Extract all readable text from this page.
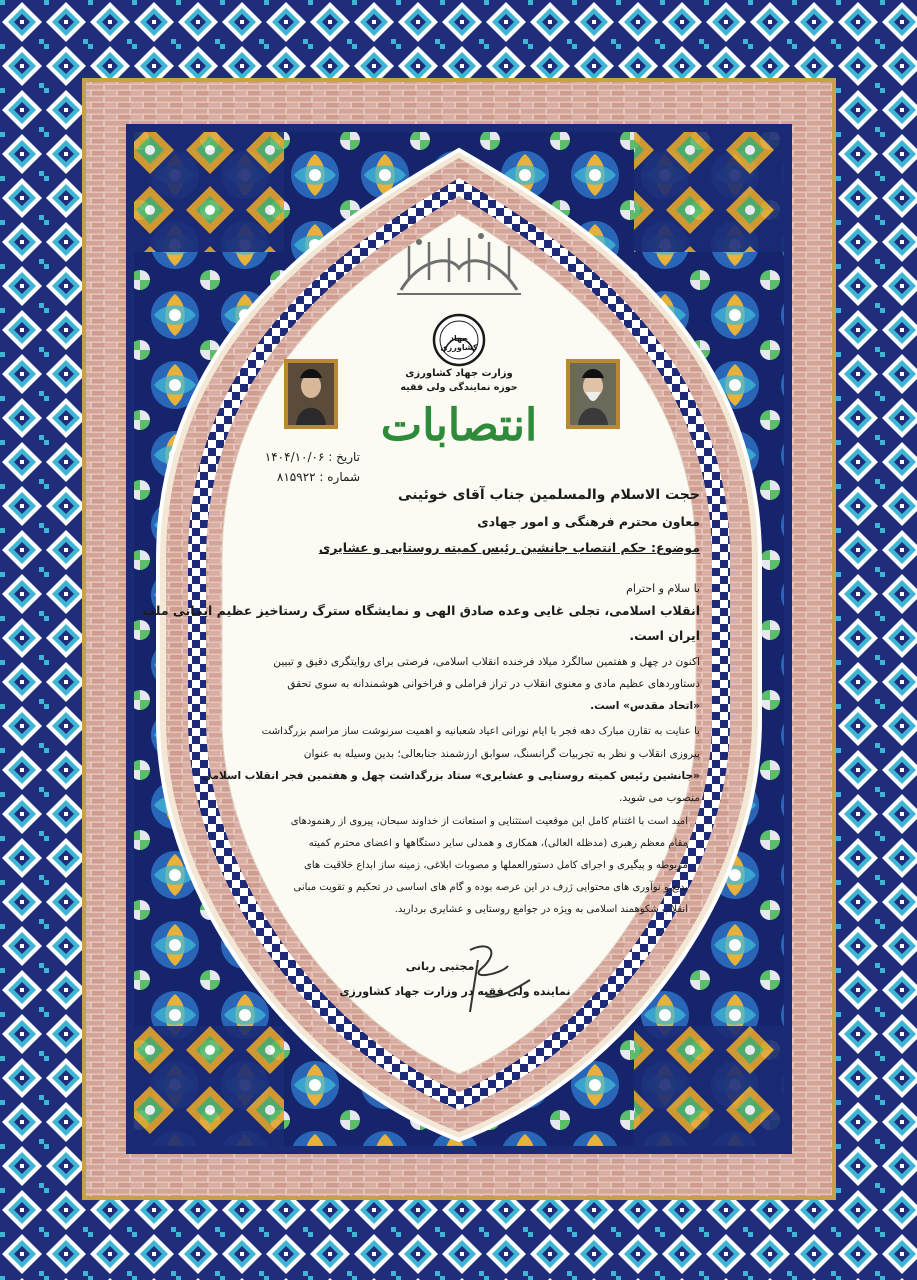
جهاد کشاورزی
وزارت جهاد کشاورزی
حوزه نمایندگی ولی فقیه
انتصابات
تاریخ : ۱۴۰۴/۱۰/۰۶
شماره : ۸۱۵۹۲۲
حجت الاسلام والمسلمین جناب آقای خوئینی
معاون محترم فرهنگی و امور جهادی
موضوع: حکم انتصاب جانشین رئیس کمیته روستایی و عشایری
با سلام و احترام
انقلاب اسلامی، تجلی غایی وعده صادق الهی و نمایشگاه سترگ رستاخیز عظیم ایمانی ملت
ایران است.
اکنون در چهل و هفتمین سالگرد میلاد فرخنده انقلاب اسلامی، فرصتی برای روایتگری دقیق و تبیین
دستاوردهای عظیم مادی و معنوی انقلاب در تراز فراملی و فراخوانی هوشمندانه به سوی تحقق
«اتحاد مقدس» است.
با عنایت به تقارن مبارک دهه فجر با ایام نورانی اعیاد شعبانیه و اهمیت سرنوشت ساز مراسم بزرگداشت
پیروزی انقلاب و نظر به تجربیات گرانسنگ، سوابق ارزشمند جنابعالی؛ بدین وسیله به عنوان
«جانشین رئیس کمیته روستایی و عشایری» ستاد بزرگداشت چهل و هفتمین فجر انقلاب اسلامی
منصوب می شوید.
امید است با اغتنام کامل این موقعیت استثنایی و استعانت از خداوند سبحان، پیروی از رهنمودهای
مقام معظم رهبری (مدظله العالی)، همکاری و همدلی سایر دستگاهها و اعضای محترم کمیته
مربوطه و پیگیری و اجرای کامل دستورالعملها و مصوبات ابلاغی، زمینه ساز ابداع خلاقیت های
بدیع و نوآوری های محتوایی ژرف در این عرصه بوده و گام های اساسی در تحکیم و تقویت مبانی
انقلاب شکوهمند اسلامی به ویژه در جوامع روستایی و عشایری بردارید.
مجتبی ربانی
نماینده ولی فقیه در وزارت جهاد کشاورزی
